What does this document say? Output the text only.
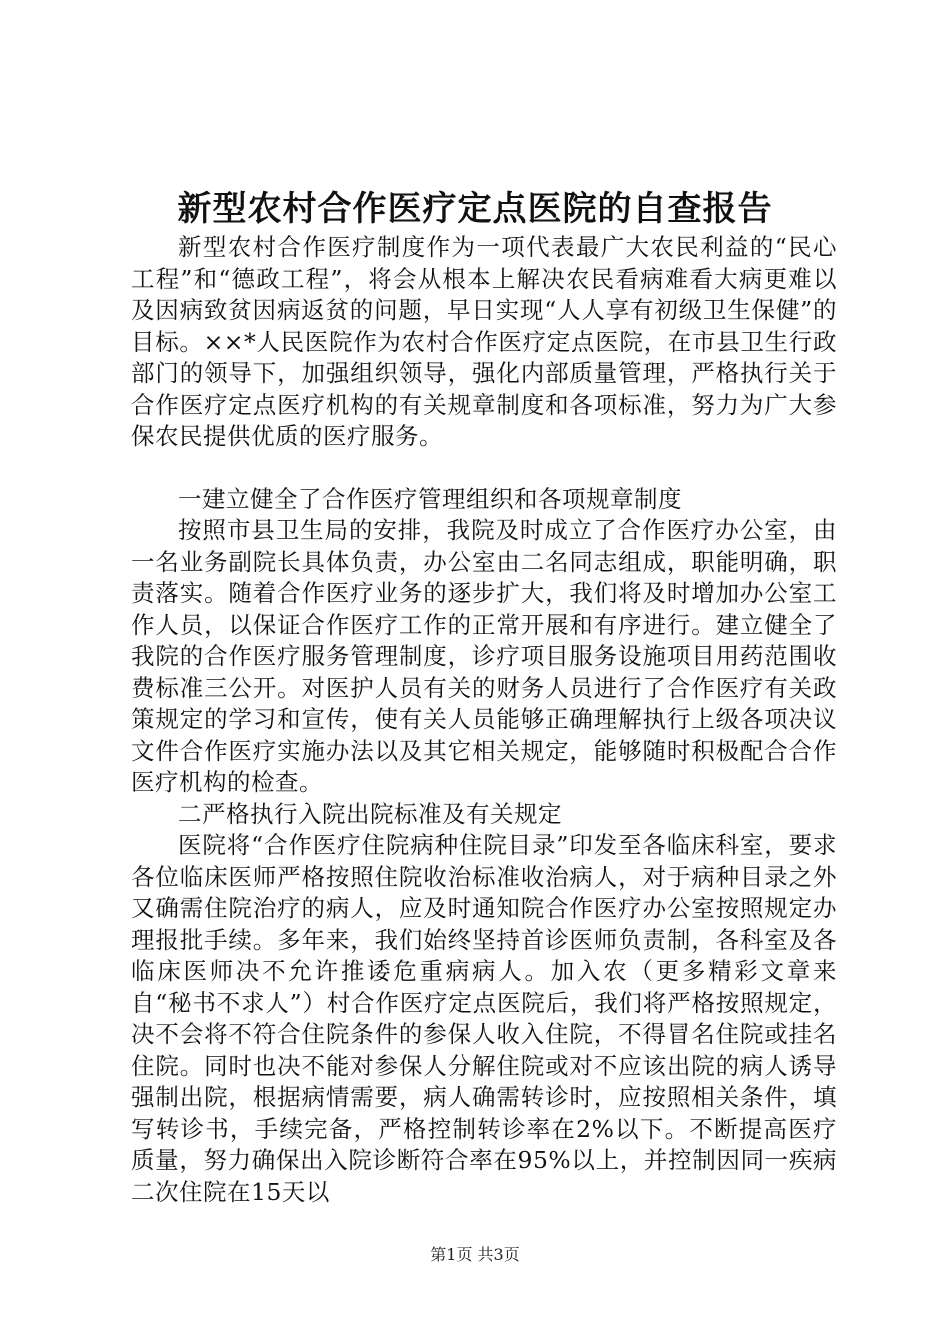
新型农村合作医疗定点医院的自查报告

新型农村合作医疗制度作为一项代表最广大农民利益的“民心工程”和“德政工程”，将会从根本上解决农民看病难看大病更难以及因病致贫因病返贫的问题，早日实现“人人享有初级卫生保健”的目标。××*人民医院作为农村合作医疗定点医院，在市县卫生行政部门的领导下，加强组织领导，强化内部质量管理，严格执行关于合作医疗定点医疗机构的有关规章制度和各项标准，努力为广大参保农民提供优质的医疗服务。

一建立健全了合作医疗管理组织和各项规章制度

按照市县卫生局的安排，我院及时成立了合作医疗办公室，由一名业务副院长具体负责，办公室由二名同志组成，职能明确，职责落实。随着合作医疗业务的逐步扩大，我们将及时增加办公室工作人员，以保证合作医疗工作的正常开展和有序进行。建立健全了我院的合作医疗服务管理制度，诊疗项目服务设施项目用药范围收费标准三公开。对医护人员有关的财务人员进行了合作医疗有关政策规定的学习和宣传，使有关人员能够正确理解执行上级各项决议文件合作医疗实施办法以及其它相关规定，能够随时积极配合合作医疗机构的检查。

二严格执行入院出院标准及有关规定

医院将“合作医疗住院病种住院目录”印发至各临床科室，要求各位临床医师严格按照住院收治标准收治病人，对于病种目录之外又确需住院治疗的病人，应及时通知院合作医疗办公室按照规定办理报批手续。多年来，我们始终坚持首诊医师负责制，各科室及各临床医师决不允许推诿危重病病人。加入农（更多精彩文章来自“秘书不求人”）村合作医疗定点医院后，我们将严格按照规定，决不会将不符合住院条件的参保人收入住院，不得冒名住院或挂名住院。同时也决不能对参保人分解住院或对不应该出院的病人诱导强制出院，根据病情需要，病人确需转诊时，应按照相关条件，填写转诊书，手续完备，严格控制转诊率在2%以下。不断提高医疗质量，努力确保出入院诊断符合率在95%以上，并控制因同一疾病二次住院在15天以

第1页 共3页
